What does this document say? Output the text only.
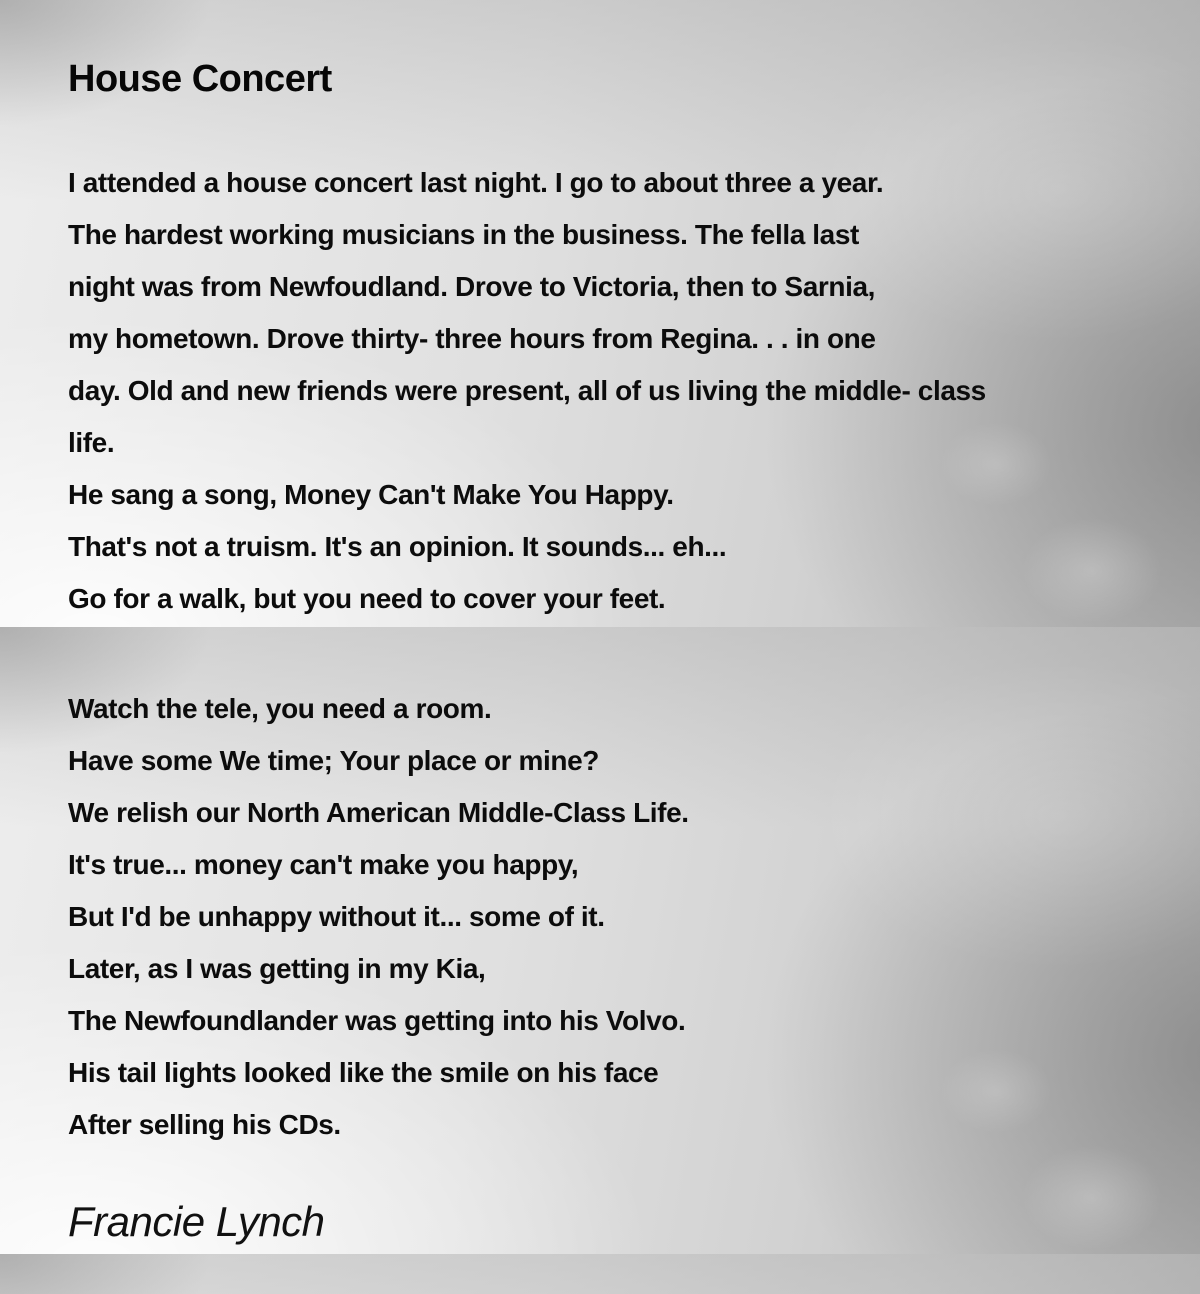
House Concert
I attended a house concert last night. I go to about three a year.
The hardest working musicians in the business. The fella last
night was from Newfoudland. Drove to Victoria, then to Sarnia,
my hometown. Drove thirty- three hours from Regina. . . in one
day. Old and new friends were present, all of us living the middle- class
life.
He sang a song, Money Can't Make You Happy.
That's not a truism. It's an opinion. It sounds... eh...
Go for a walk, but you need to cover your feet.
Watch the tele, you need a room.
Have some We time; Your place or mine?
We relish our North American Middle-Class Life.
It's true... money can't make you happy,
But I'd be unhappy without it... some of it.
Later, as I was getting in my Kia,
The Newfoundlander was getting into his Volvo.
His tail lights looked like the smile on his face
After selling his CDs.
Francie Lynch
